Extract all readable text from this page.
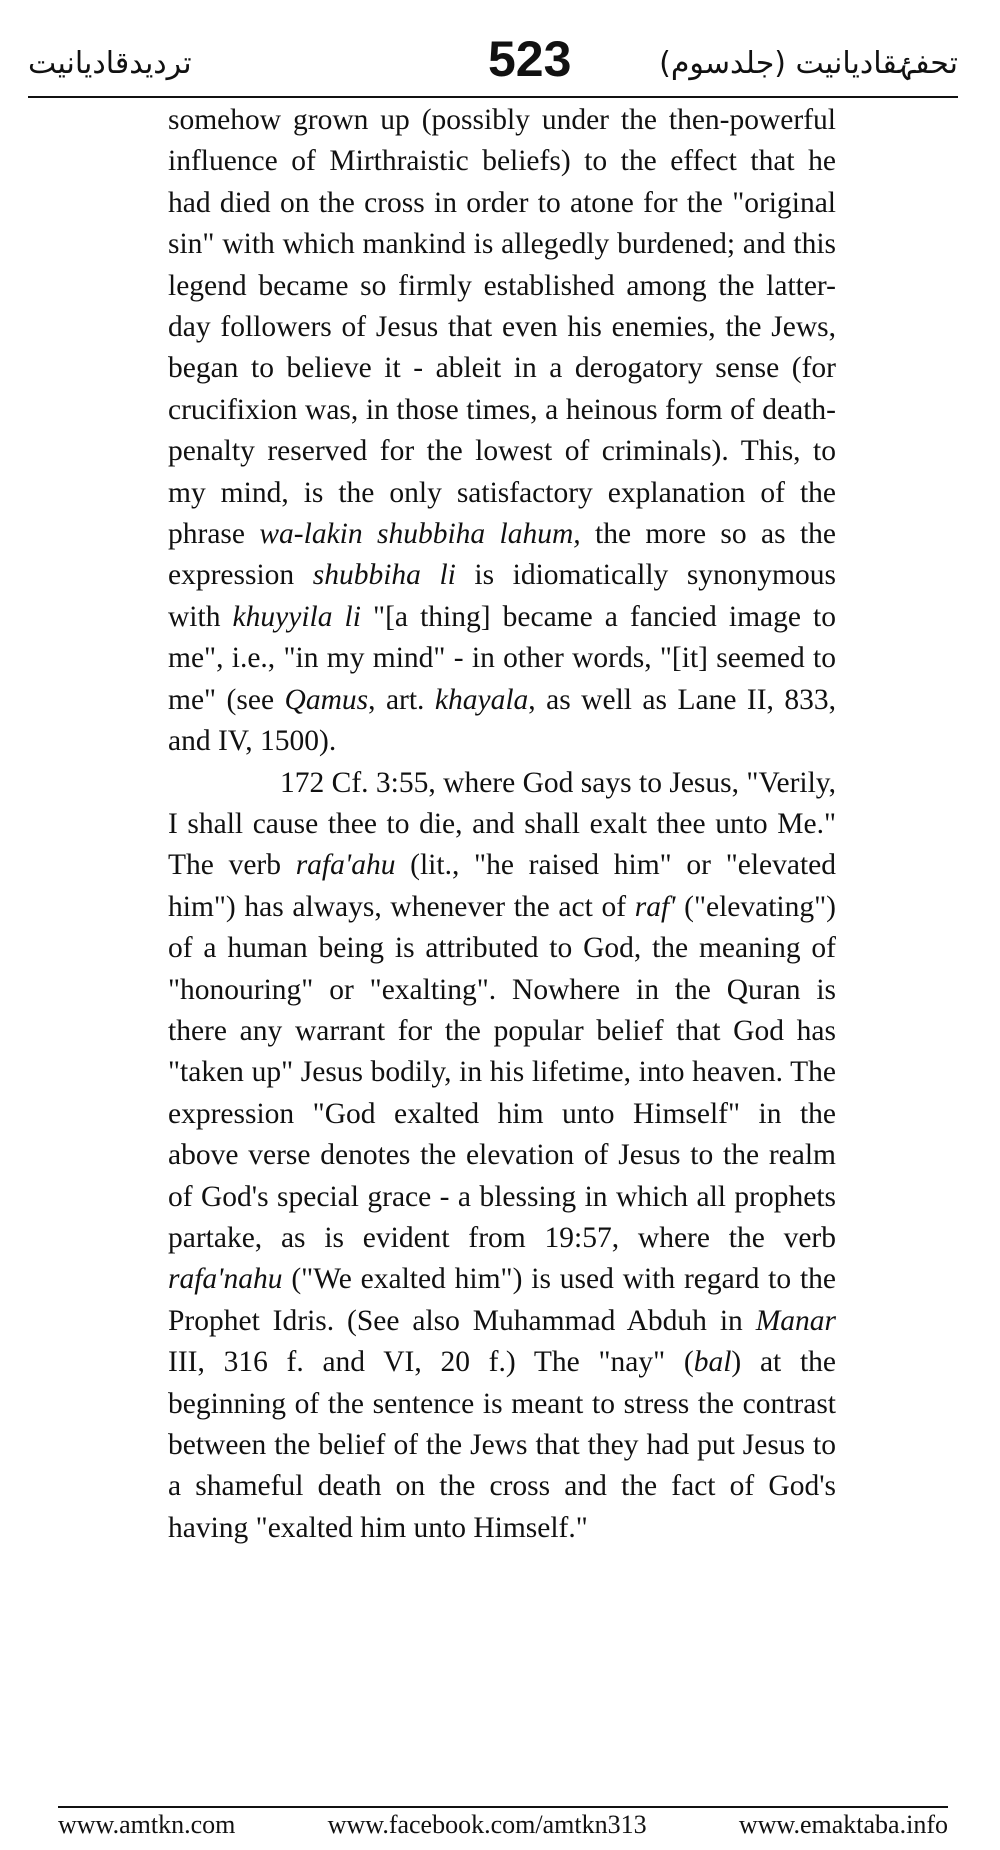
تردیدقادیانیت	523	تحفۂقادیانیت (جلدسوم)

somehow grown up (possibly under the then-powerful influence of Mirthraistic beliefs) to the effect that he had died on the cross in order to atone for the "original sin" with which mankind is allegedly burdened; and this legend became so firmly established among the latter-day followers of Jesus that even his enemies, the Jews, began to believe it - ableit in a derogatory sense (for crucifixion was, in those times, a heinous form of death-penalty reserved for the lowest of criminals). This, to my mind, is the only satisfactory explanation of the phrase wa-lakin shubbiha lahum, the more so as the expression shubbiha li is idiomatically synonymous with khuyyila li "[a thing] became a fancied image to me", i.e., "in my mind" - in other words, "[it] seemed to me" (see Qamus, art. khayala, as well as Lane II, 833, and IV, 1500).

172 Cf. 3:55, where God says to Jesus, "Verily, I shall cause thee to die, and shall exalt thee unto Me." The verb rafa'ahu (lit., "he raised him" or "elevated him") has always, whenever the act of raf' ("elevating") of a human being is attributed to God, the meaning of "honouring" or "exalting". Nowhere in the Quran is there any warrant for the popular belief that God has "taken up" Jesus bodily, in his lifetime, into heaven. The expression "God exalted him unto Himself" in the above verse denotes the elevation of Jesus to the realm of God's special grace - a blessing in which all prophets partake, as is evident from 19:57, where the verb rafa'nahu ("We exalted him") is used with regard to the Prophet Idris. (See also Muhammad Abduh in Manar III, 316 f. and VI, 20 f.) The "nay" (bal) at the beginning of the sentence is meant to stress the contrast between the belief of the Jews that they had put Jesus to a shameful death on the cross and the fact of God's having "exalted him unto Himself."

www.amtkn.com	www.facebook.com/amtkn313	www.emaktaba.info
